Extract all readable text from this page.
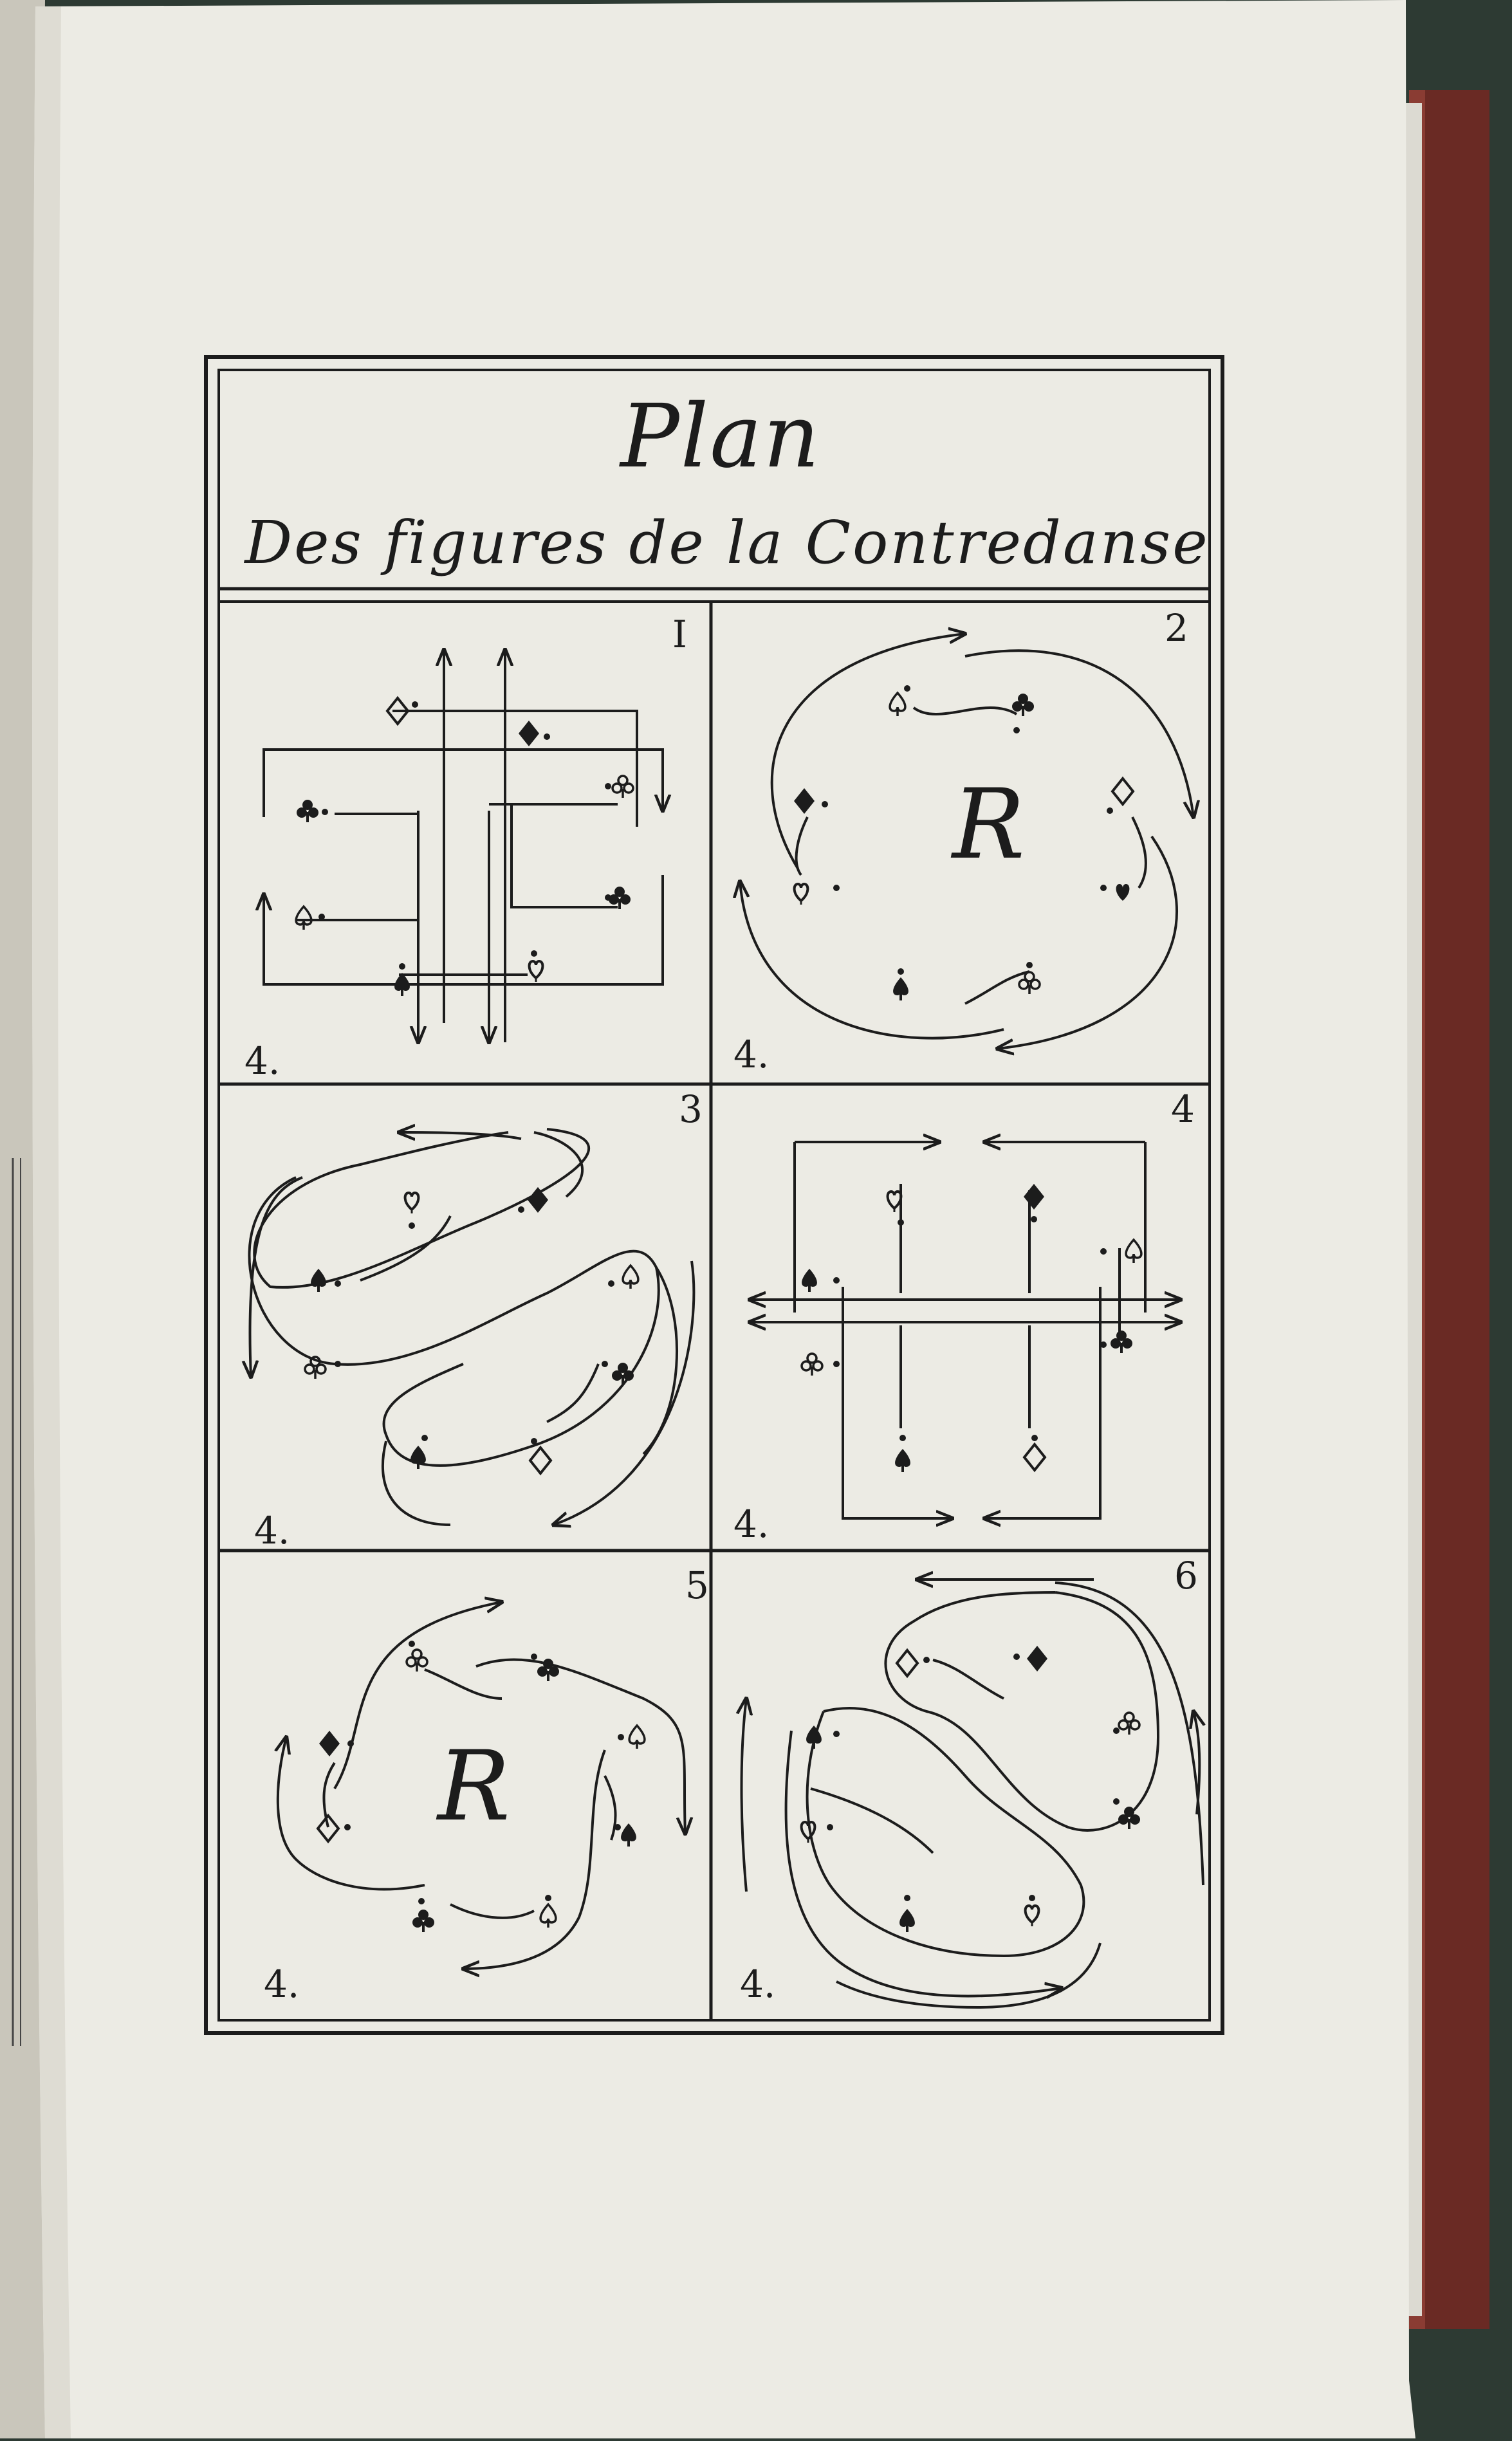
Plan
Des figures de la Contredanse
I	2
3	4
5	6
4.	4.
4.	4.
4.	4.
R
R
